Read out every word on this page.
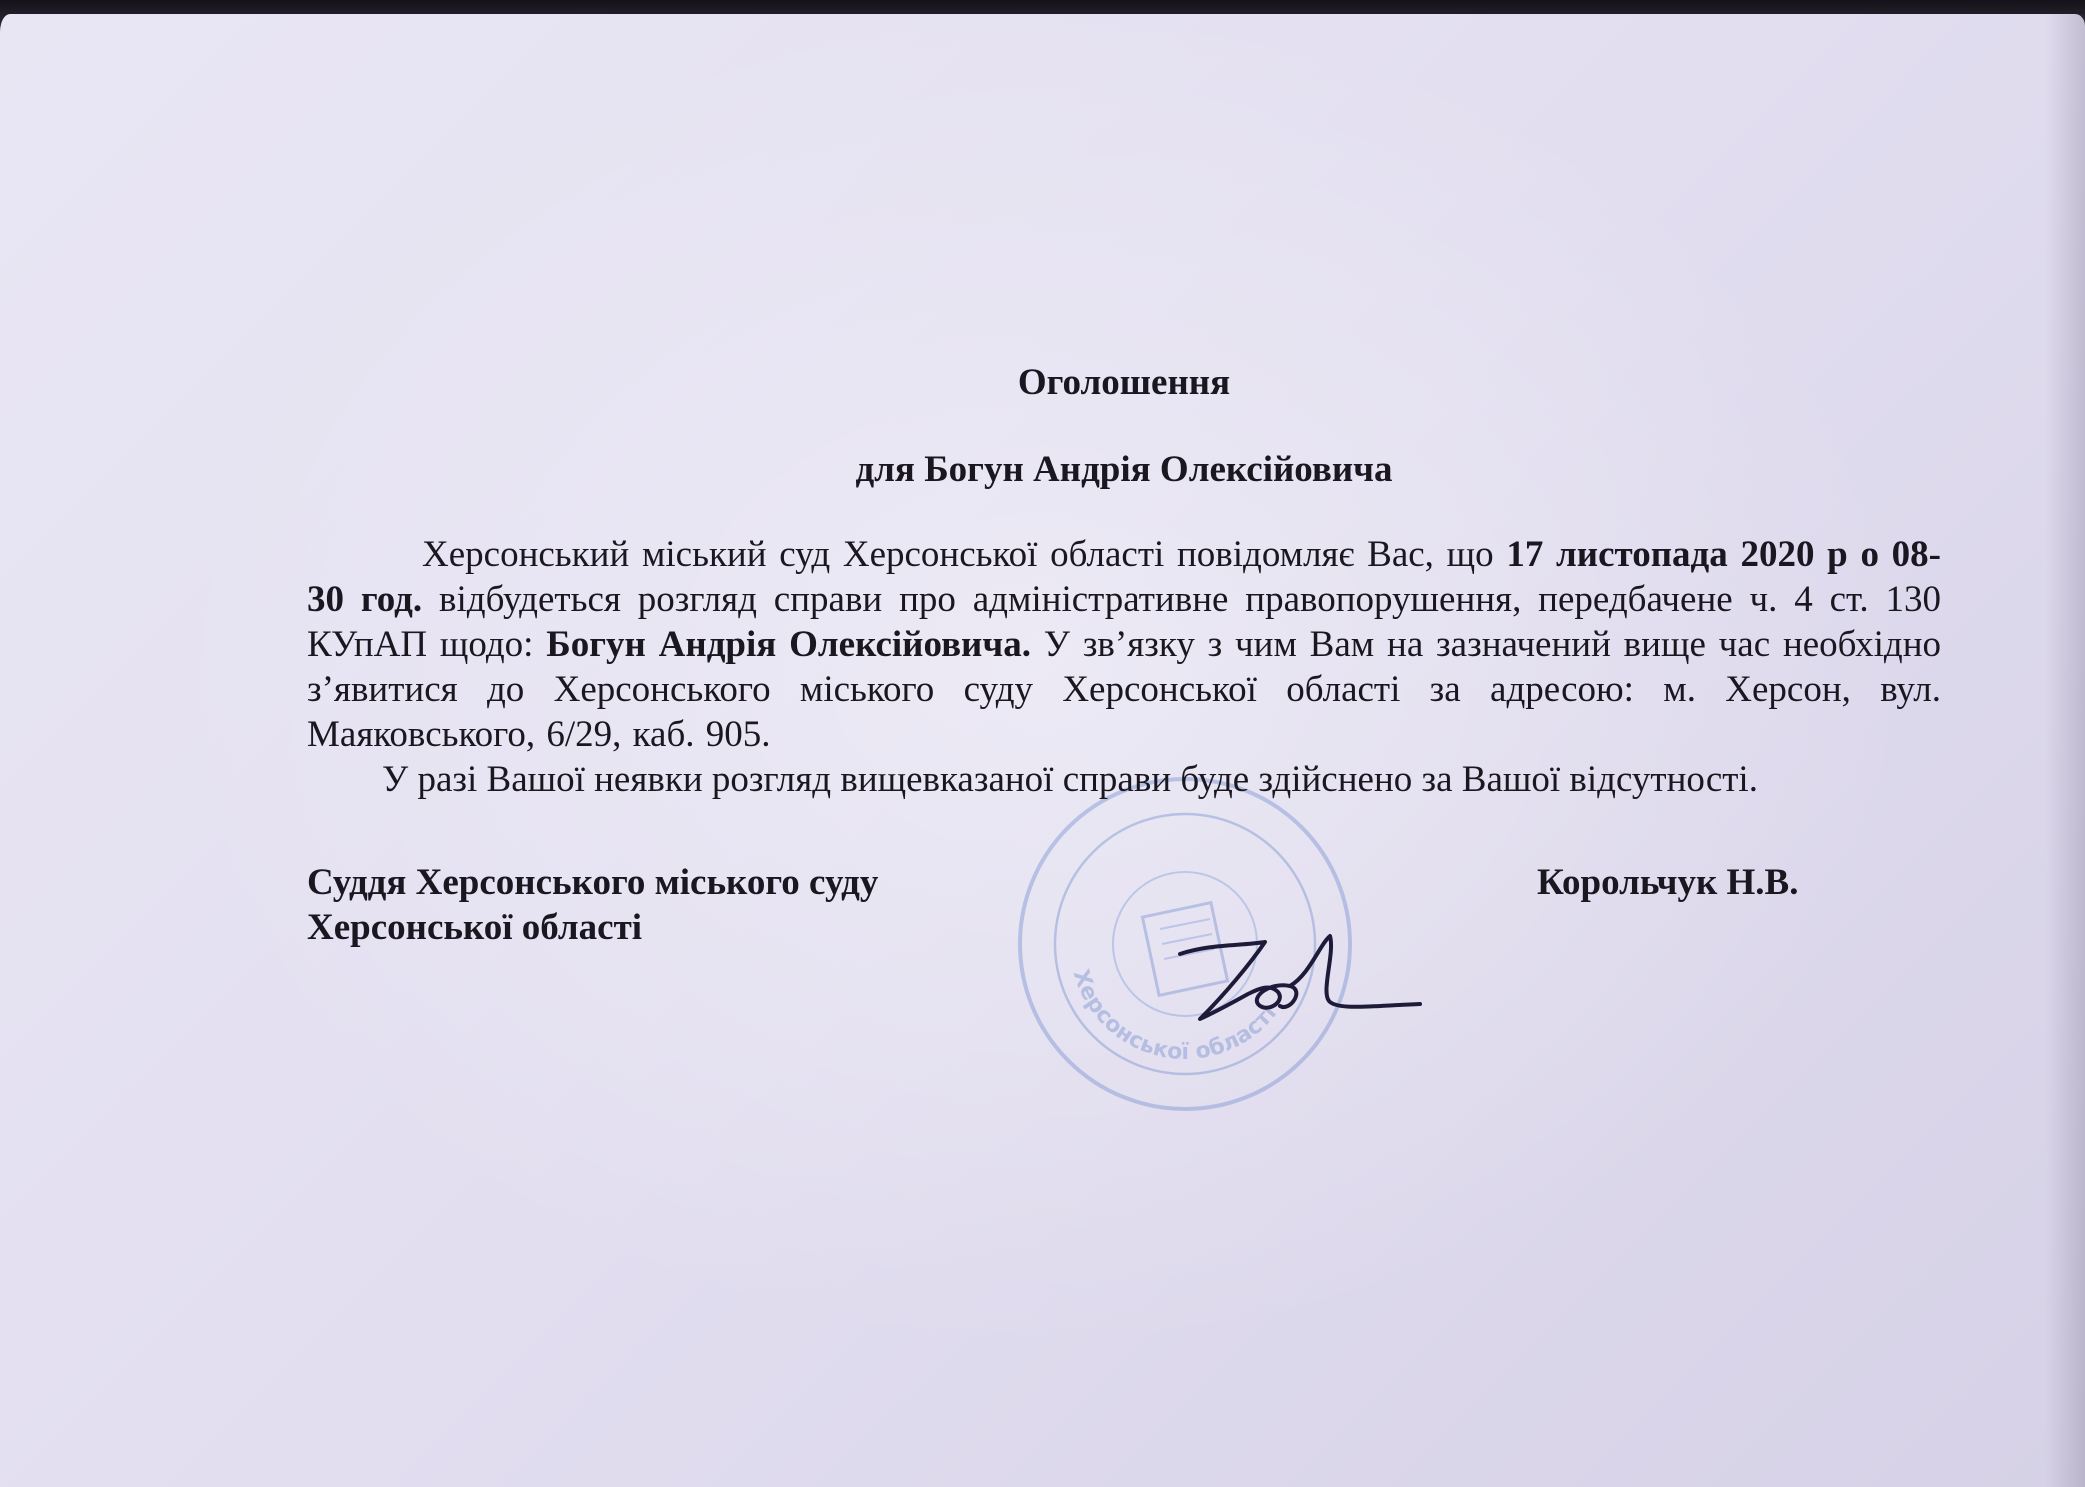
Херсонської області

Оголошення

для Богун Андрія Олексійовича

Херсонський міський суд Херсонської області повідомляє Вас, що 17 листопада 2020 р о 08-30 год. відбудеться розгляд справи про адміністративне правопорушення, передбачене ч. 4 ст. 130 КУпАП щодо: Богун Андрія Олексійовича. У зв’язку з чим Вам на зазначений вище час необхідно з’явитися до Херсонського міського суду Херсонської області за адресою: м. Херсон, вул. Маяковського, 6/29, каб. 905.

У разі Вашої неявки розгляд вищевказаної справи буде здійснено за Вашої відсутності.

Суддя Херсонського міського суду
Херсонської області
Корольчук Н.В.
